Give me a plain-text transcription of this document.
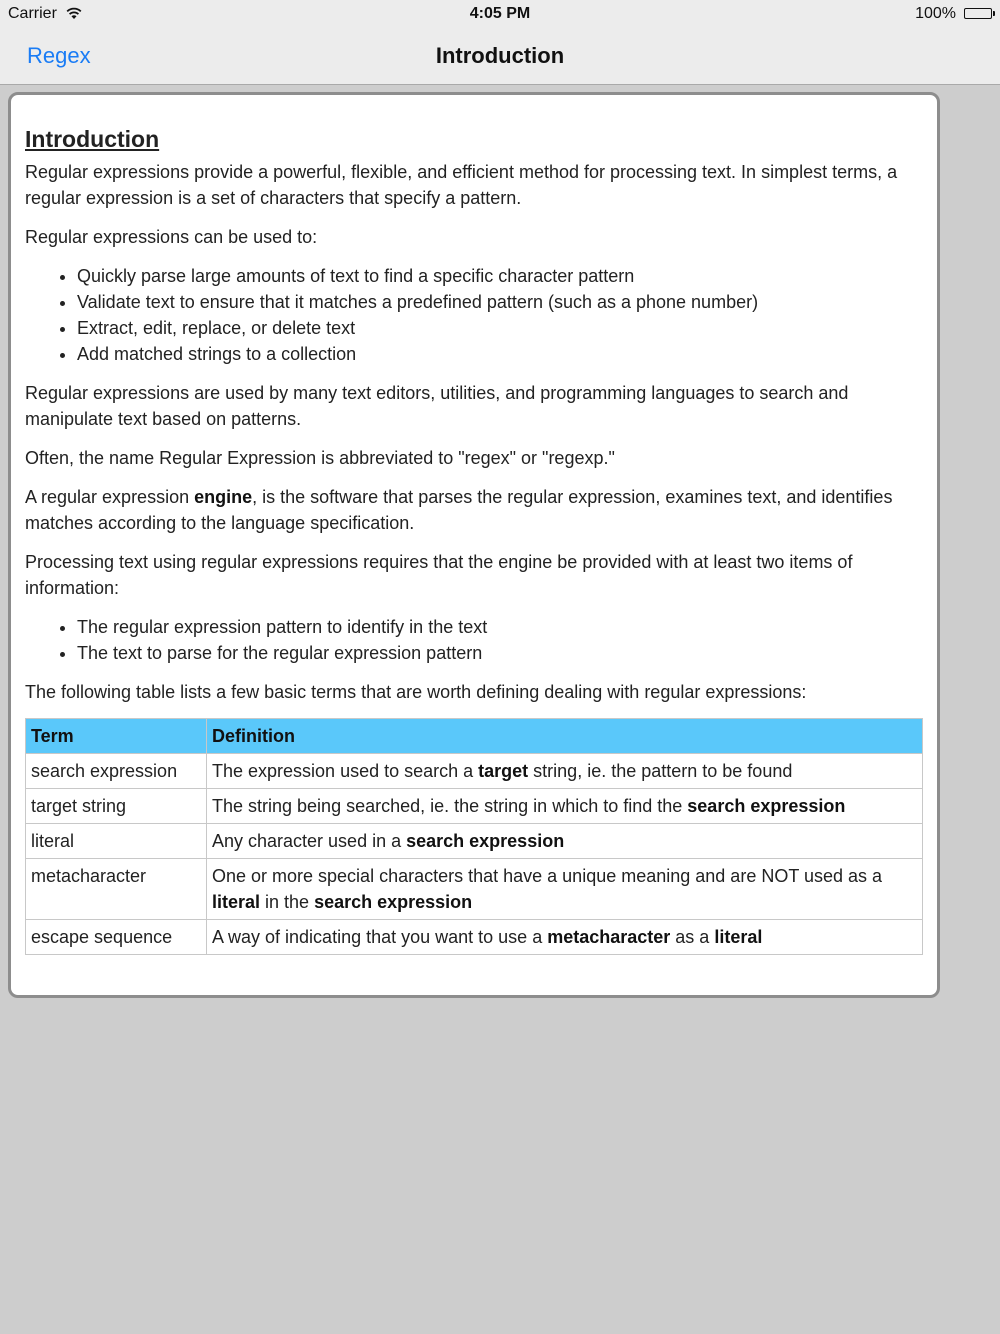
Carrier	4:05 PM	100%
Regex	Introduction
Introduction

Regular expressions provide a powerful, flexible, and efficient method for processing text. In simplest terms, a regular expression is a set of characters that specify a pattern.

Regular expressions can be used to:

• Quickly parse large amounts of text to find a specific character pattern
• Validate text to ensure that it matches a predefined pattern (such as a phone number)
• Extract, edit, replace, or delete text
• Add matched strings to a collection

Regular expressions are used by many text editors, utilities, and programming languages to search and manipulate text based on patterns.

Often, the name Regular Expression is abbreviated to "regex" or "regexp."

A regular expression engine, is the software that parses the regular expression, examines text, and identifies matches according to the language specification.

Processing text using regular expressions requires that the engine be provided with at least two items of information:

• The regular expression pattern to identify in the text
• The text to parse for the regular expression pattern

The following table lists a few basic terms that are worth defining dealing with regular expressions:

Term	Definition
search expression	The expression used to search a target string, ie. the pattern to be found
target string	The string being searched, ie. the string in which to find the search expression
literal	Any character used in a search expression
metacharacter	One or more special characters that have a unique meaning and are NOT used as a literal in the search expression
escape sequence	A way of indicating that you want to use a metacharacter as a literal
